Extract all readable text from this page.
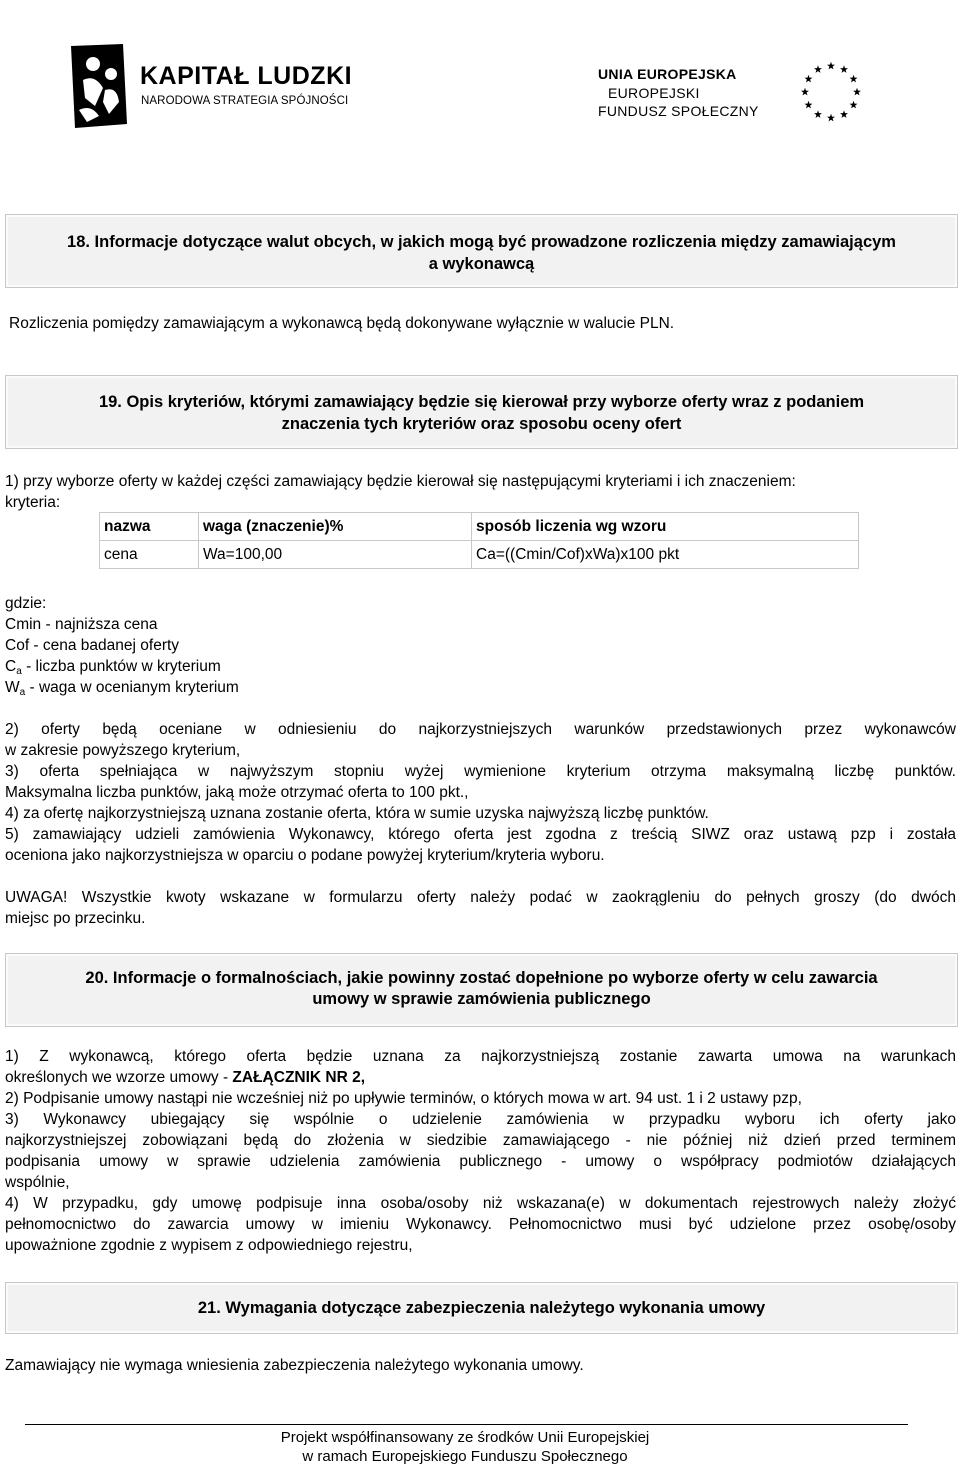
KAPITAŁ LUDZKI
NARODOWA STRATEGIA SPÓJNOŚCI
UNIA EUROPEJSKA
EUROPEJSKI
FUNDUSZ SPOŁECZNY
18. Informacje dotyczące walut obcych, w jakich mogą być prowadzone rozliczenia między zamawiającym
a wykonawcą
Rozliczenia pomiędzy zamawiającym a wykonawcą będą dokonywane wyłącznie w walucie PLN.
19. Opis kryteriów, którymi zamawiający będzie się kierował przy wyborze oferty wraz z podaniem
znaczenia tych kryteriów oraz sposobu oceny ofert
1) przy wyborze oferty w każdej części zamawiający będzie kierował się następującymi kryteriami i ich znaczeniem:
kryteria:
nazwa	waga (znaczenie)%	sposób liczenia wg wzoru
cena	Wa=100,00	Ca=((Cmin/Cof)xWa)x100 pkt
gdzie:
Cmin - najniższa cena
Cof - cena badanej oferty
$C_a$ - liczba punktów w kryterium
$W_a$ - waga w ocenianym kryterium
2) oferty będą oceniane w odniesieniu do najkorzystniejszych warunków przedstawionych przez wykonawców
w zakresie powyższego kryterium,
3) oferta spełniająca w najwyższym stopniu wyżej wymienione kryterium otrzyma maksymalną liczbę punktów.
Maksymalna liczba punktów, jaką może otrzymać oferta to 100 pkt.,
4) za ofertę najkorzystniejszą uznana zostanie oferta, która w sumie uzyska najwyższą liczbę punktów.
5) zamawiający udzieli zamówienia Wykonawcy, którego oferta jest zgodna z treścią SIWZ oraz ustawą pzp i została
oceniona jako najkorzystniejsza w oparciu o podane powyżej kryterium/kryteria wyboru.
UWAGA! Wszystkie kwoty wskazane w formularzu oferty należy podać w zaokrągleniu do pełnych groszy (do dwóch
miejsc po przecinku.
20. Informacje o formalnościach, jakie powinny zostać dopełnione po wyborze oferty w celu zawarcia
umowy w sprawie zamówienia publicznego
1) Z wykonawcą, którego oferta będzie uznana za najkorzystniejszą zostanie zawarta umowa na warunkach
określonych we wzorze umowy - ZAŁĄCZNIK NR 2,
2) Podpisanie umowy nastąpi nie wcześniej niż po upływie terminów, o których mowa w art. 94 ust. 1 i 2 ustawy pzp,
3) Wykonawcy ubiegający się wspólnie o udzielenie zamówienia w przypadku wyboru ich oferty jako
najkorzystniejszej zobowiązani będą do złożenia w siedzibie zamawiającego - nie później niż dzień przed terminem
podpisania umowy w sprawie udzielenia zamówienia publicznego - umowy o współpracy podmiotów działających
wspólnie,
4) W przypadku, gdy umowę podpisuje inna osoba/osoby niż wskazana(e) w dokumentach rejestrowych należy złożyć
pełnomocnictwo do zawarcia umowy w imieniu Wykonawcy. Pełnomocnictwo musi być udzielone przez osobę/osoby
upoważnione zgodnie z wypisem z odpowiedniego rejestru,
21. Wymagania dotyczące zabezpieczenia należytego wykonania umowy
Zamawiający nie wymaga wniesienia zabezpieczenia należytego wykonania umowy.
Projekt współfinansowany ze środków Unii Europejskiej
w ramach Europejskiego Funduszu Społecznego
